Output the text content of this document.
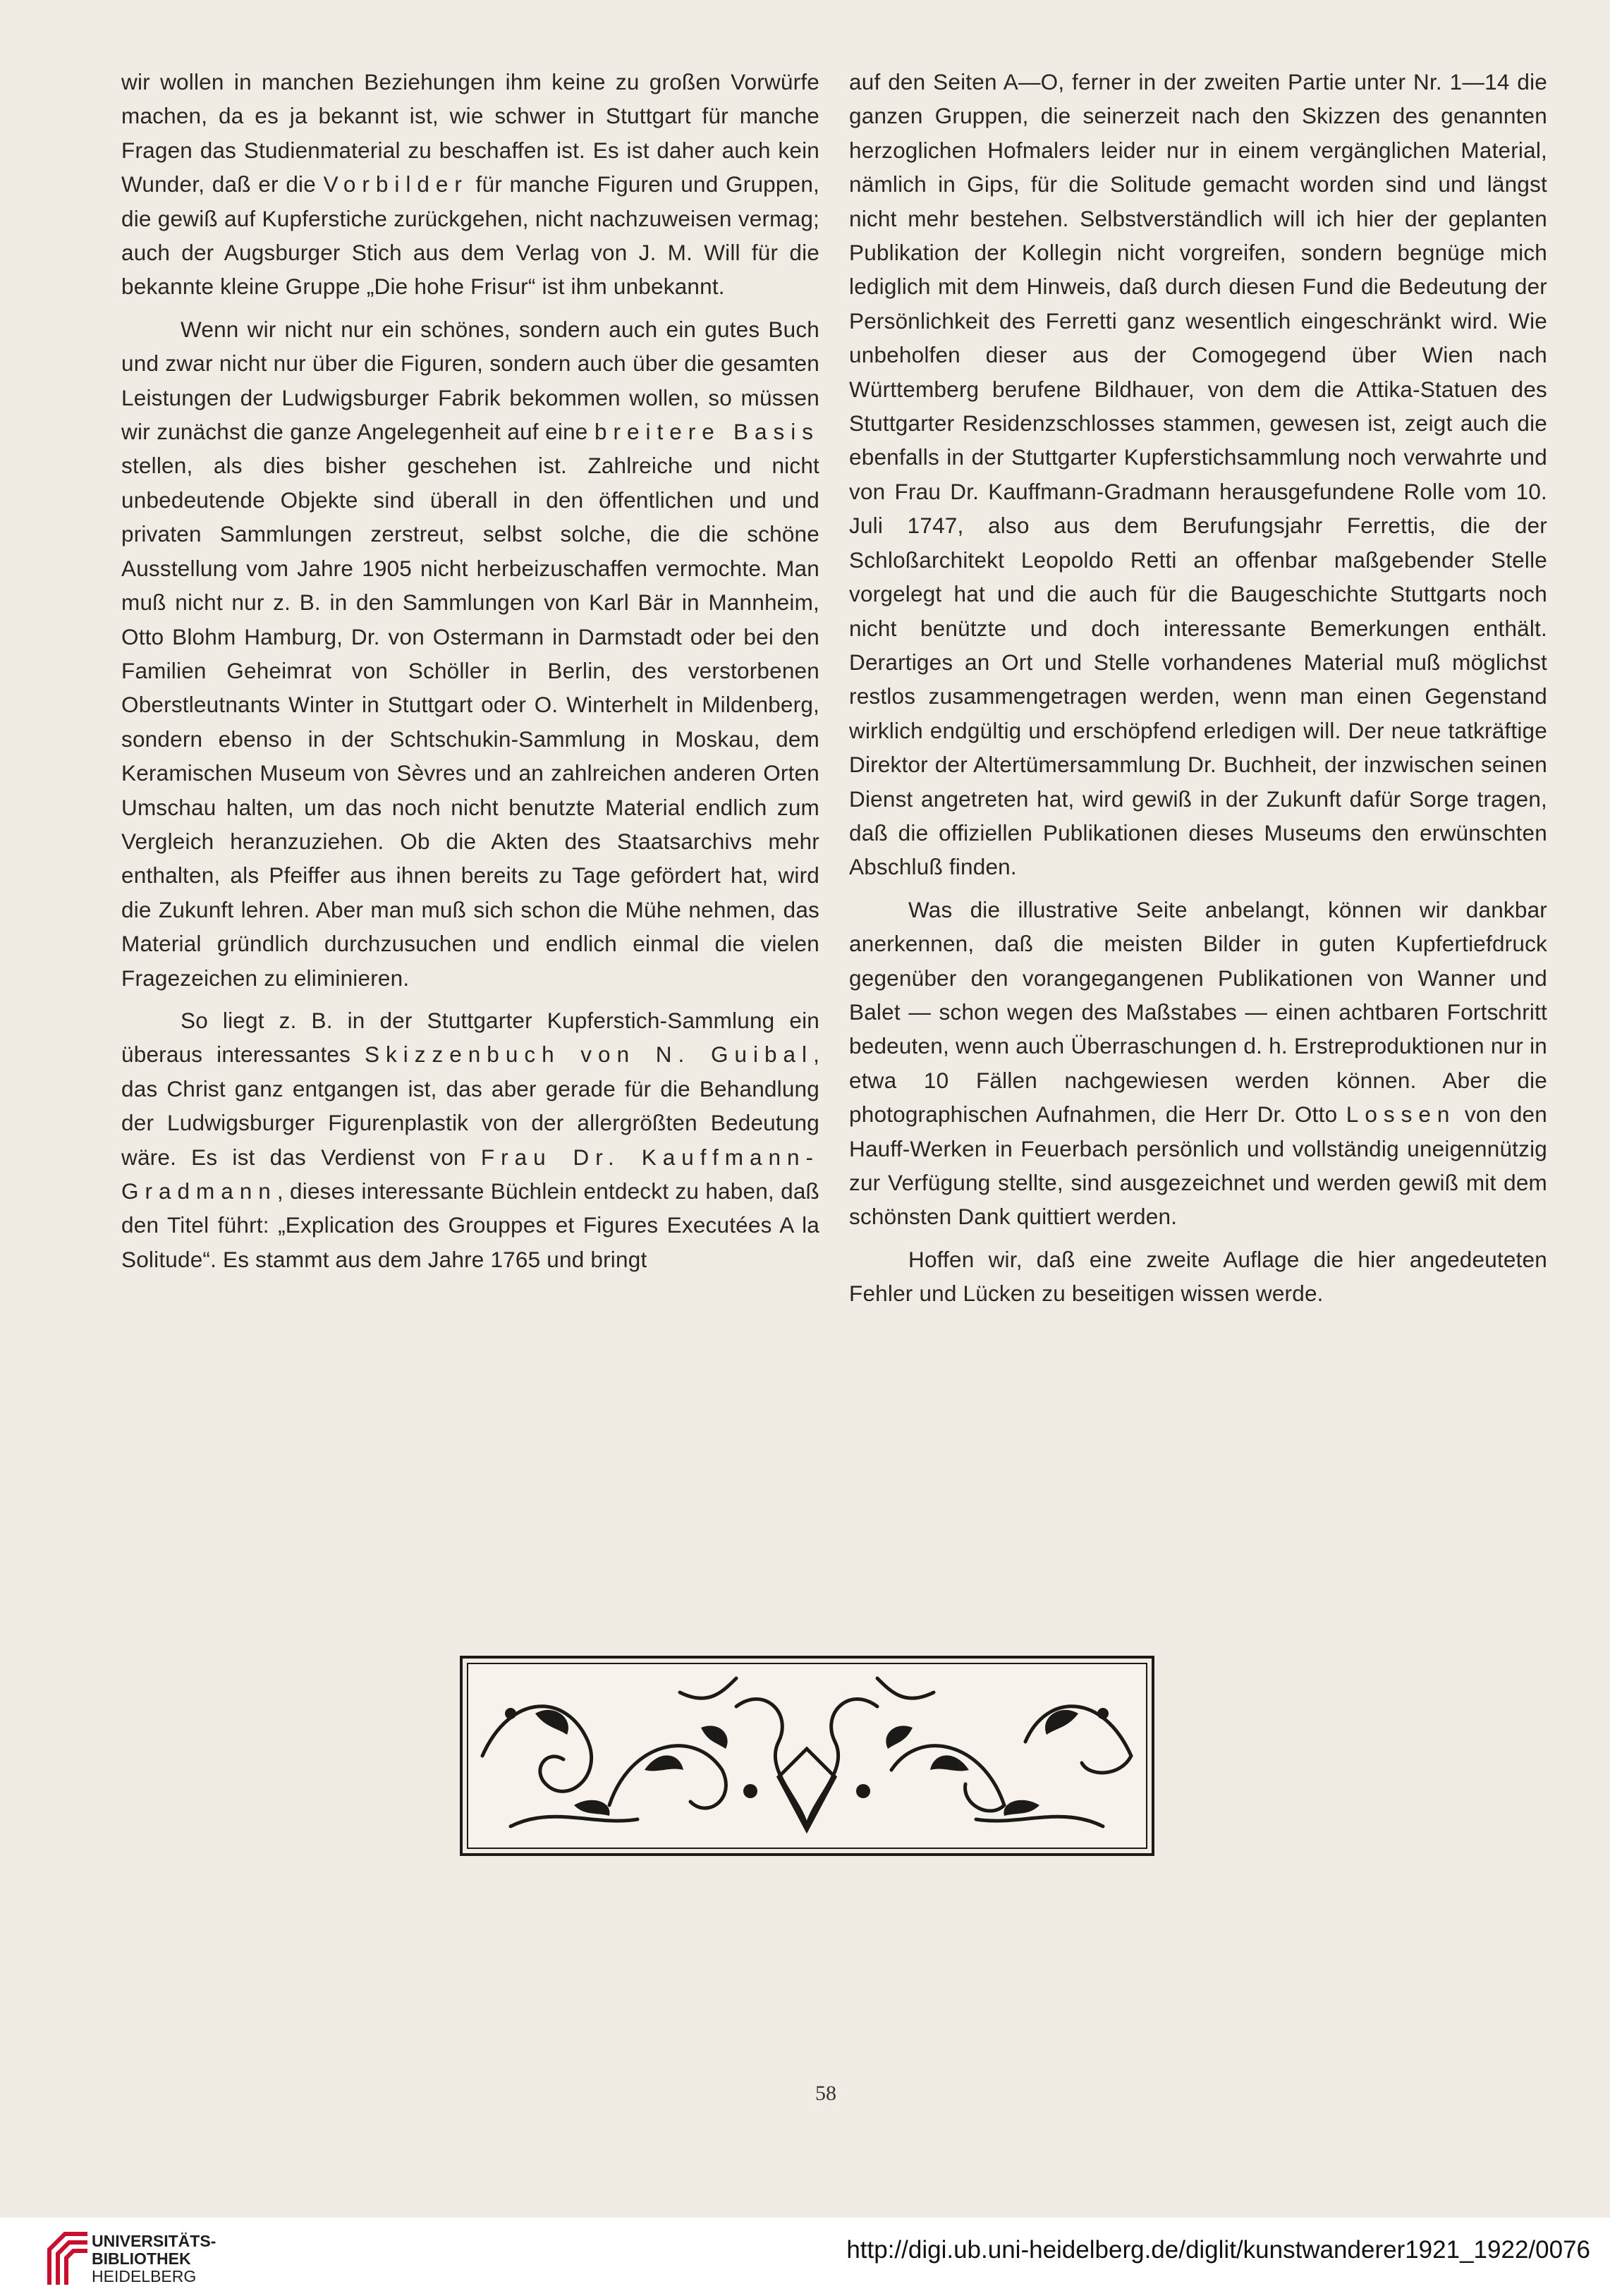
wir wollen in manchen Beziehungen ihm keine zu großen Vorwürfe machen, da es ja bekannt ist, wie schwer in Stuttgart für manche Fragen das Studienmaterial zu beschaffen ist. Es ist daher auch kein Wunder, daß er die Vorbilder für manche Figuren und Gruppen, die gewiß auf Kupferstiche zurückgehen, nicht nachzuweisen vermag; auch der Augsburger Stich aus dem Verlag von J. M. Will für die bekannte kleine Gruppe „Die hohe Frisur“ ist ihm unbekannt.

Wenn wir nicht nur ein schönes, sondern auch ein gutes Buch und zwar nicht nur über die Figuren, sondern auch über die gesamten Leistungen der Ludwigsburger Fabrik bekommen wollen, so müssen wir zunächst die ganze Angelegenheit auf eine breitere Basis stellen, als dies bisher geschehen ist. Zahlreiche und nicht unbedeutende Objekte sind überall in den öffentlichen und und privaten Sammlungen zerstreut, selbst solche, die die schöne Ausstellung vom Jahre 1905 nicht herbeizuschaffen vermochte. Man muß nicht nur z. B. in den Sammlungen von Karl Bär in Mannheim, Otto Blohm Hamburg, Dr. von Ostermann in Darmstadt oder bei den Familien Geheimrat von Schöller in Berlin, des verstorbenen Oberstleutnants Winter in Stuttgart oder O. Winterhelt in Mildenberg, sondern ebenso in der Schtschukin-Sammlung in Moskau, dem Keramischen Museum von Sèvres und an zahlreichen anderen Orten Umschau halten, um das noch nicht benutzte Material endlich zum Vergleich heranzuziehen. Ob die Akten des Staatsarchivs mehr enthalten, als Pfeiffer aus ihnen bereits zu Tage gefördert hat, wird die Zukunft lehren. Aber man muß sich schon die Mühe nehmen, das Material gründlich durchzusuchen und endlich einmal die vielen Fragezeichen zu eliminieren.

So liegt z. B. in der Stuttgarter Kupferstich-Sammlung ein überaus interessantes Skizzenbuch von N. Guibal, das Christ ganz entgangen ist, das aber gerade für die Behandlung der Ludwigsburger Figurenplastik von der allergrößten Bedeutung wäre. Es ist das Verdienst von Frau Dr. Kauffmann-Gradmann, dieses interessante Büchlein entdeckt zu haben, daß den Titel führt: „Explication des Grouppes et Figures Executées A la Solitude“. Es stammt aus dem Jahre 1765 und bringt

auf den Seiten A—O, ferner in der zweiten Partie unter Nr. 1—14 die ganzen Gruppen, die seinerzeit nach den Skizzen des genannten herzoglichen Hofmalers leider nur in einem vergänglichen Material, nämlich in Gips, für die Solitude gemacht worden sind und längst nicht mehr bestehen. Selbstverständlich will ich hier der geplanten Publikation der Kollegin nicht vorgreifen, sondern begnüge mich lediglich mit dem Hinweis, daß durch diesen Fund die Bedeutung der Persönlichkeit des Ferretti ganz wesentlich eingeschränkt wird. Wie unbeholfen dieser aus der Comogegend über Wien nach Württemberg berufene Bildhauer, von dem die Attika-Statuen des Stuttgarter Residenzschlosses stammen, gewesen ist, zeigt auch die ebenfalls in der Stuttgarter Kupferstichsammlung noch verwahrte und von Frau Dr. Kauffmann-Gradmann herausgefundene Rolle vom 10. Juli 1747, also aus dem Berufungsjahr Ferrettis, die der Schloßarchitekt Leopoldo Retti an offenbar maßgebender Stelle vorgelegt hat und die auch für die Baugeschichte Stuttgarts noch nicht benützte und doch interessante Bemerkungen enthält. Derartiges an Ort und Stelle vorhandenes Material muß möglichst restlos zusammengetragen werden, wenn man einen Gegenstand wirklich endgültig und erschöpfend erledigen will. Der neue tatkräftige Direktor der Altertümersammlung Dr. Buchheit, der inzwischen seinen Dienst angetreten hat, wird gewiß in der Zukunft dafür Sorge tragen, daß die offiziellen Publikationen dieses Museums den erwünschten Abschluß finden.

Was die illustrative Seite anbelangt, können wir dankbar anerkennen, daß die meisten Bilder in guten Kupfertiefdruck gegenüber den vorangegangenen Publikationen von Wanner und Balet — schon wegen des Maßstabes — einen achtbaren Fortschritt bedeuten, wenn auch Überraschungen d. h. Erstreproduktionen nur in etwa 10 Fällen nachgewiesen werden können. Aber die photographischen Aufnahmen, die Herr Dr. Otto Lossen von den Hauff-Werken in Feuerbach persönlich und vollständig uneigennützig zur Verfügung stellte, sind ausgezeichnet und werden gewiß mit dem schönsten Dank quittiert werden.

Hoffen wir, daß eine zweite Auflage die hier angedeuteten Fehler und Lücken zu beseitigen wissen werde.

58
UNIVERSITÄTS-
BIBLIOTHEK
HEIDELBERG
http://digi.ub.uni-heidelberg.de/diglit/kunstwanderer1921_1922/0076
